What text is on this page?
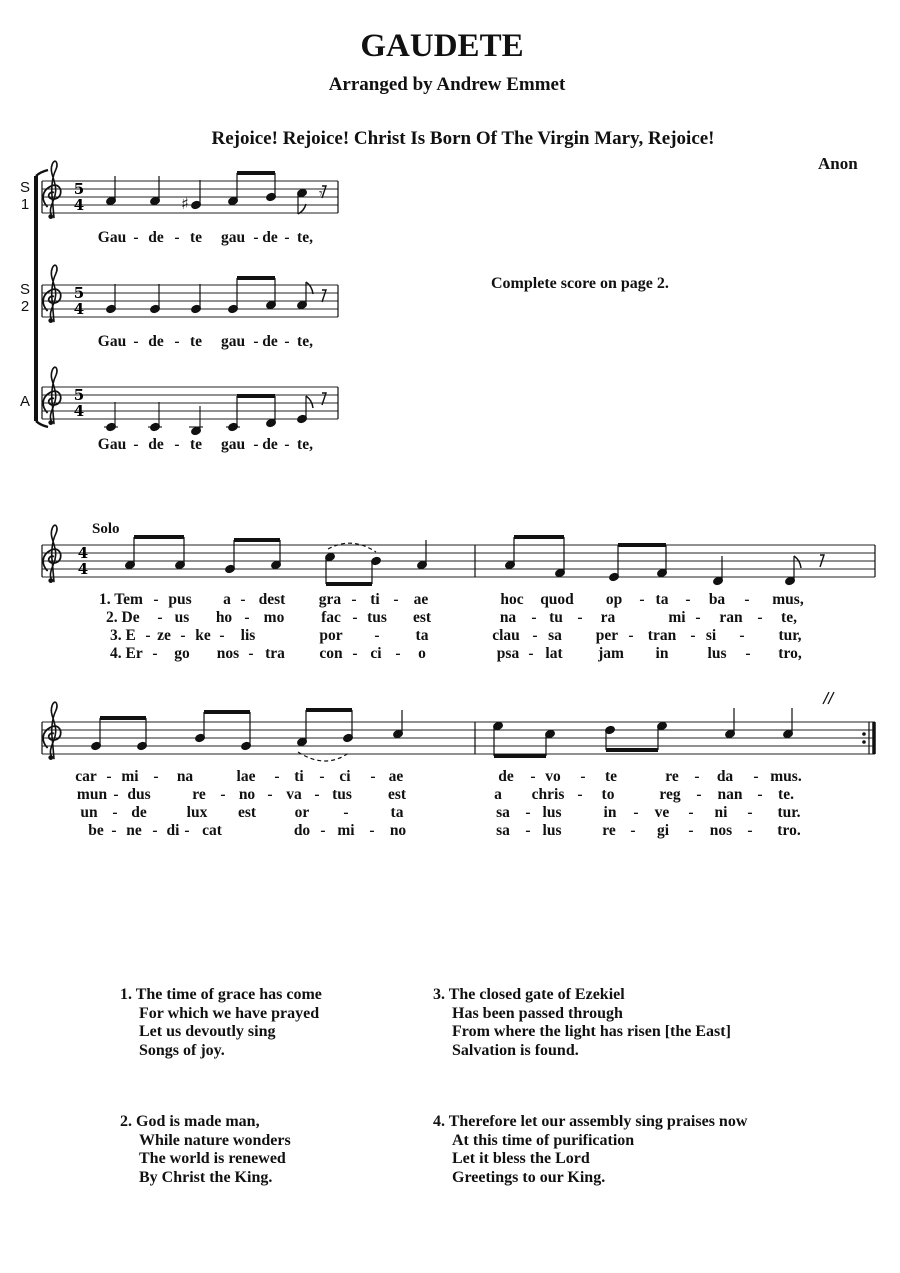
GAUDETE
Arranged by Andrew Emmet
Rejoice! Rejoice! Christ Is Born Of The Virgin Mary, Rejoice!
Anon
Complete score on page 2.
Solo
S
1
S
2
A
Gau - de - te gau - de - te,
Gau - de - te gau - de - te,
Gau - de - te gau - de - te,
1. Tem - pus a - dest gra - ti - ae	hoc quod op - ta - ba - mus,
2. De - us ho - mo fac - tus est	na - tu - ra	mi - ran - te,
3. E - ze - ke - lis	por - ta	clau - sa per - tran - si - tur,
4. Er - go nos - tra con - ci - o	psa - lat jam in	lus - tro,
car - mi - na	lae - ti - ci - ae	de - vo - te	re - da - mus.
mun - dus	re - no - va - tus est	a chris - to	reg - nan - te.
un - de	lux est or -	ta	sa - lus	in - ve - ni - tur.
be - ne - di - cat	do - mi - no	sa - lus	re - gi - nos - tro.
1. The time of grace has come
For which we have prayed
Let us devoutly sing
Songs of joy.
3. The closed gate of Ezekiel
Has been passed through
From where the light has risen [the East]
Salvation is found.
2. God is made man,
While nature wonders
The world is renewed
By Christ the King.
4. Therefore let our assembly sing praises now
At this time of purification
Let it bless the Lord
Greetings to our King.
5
4
5
4
5
4
♯	𝄾
4
4
